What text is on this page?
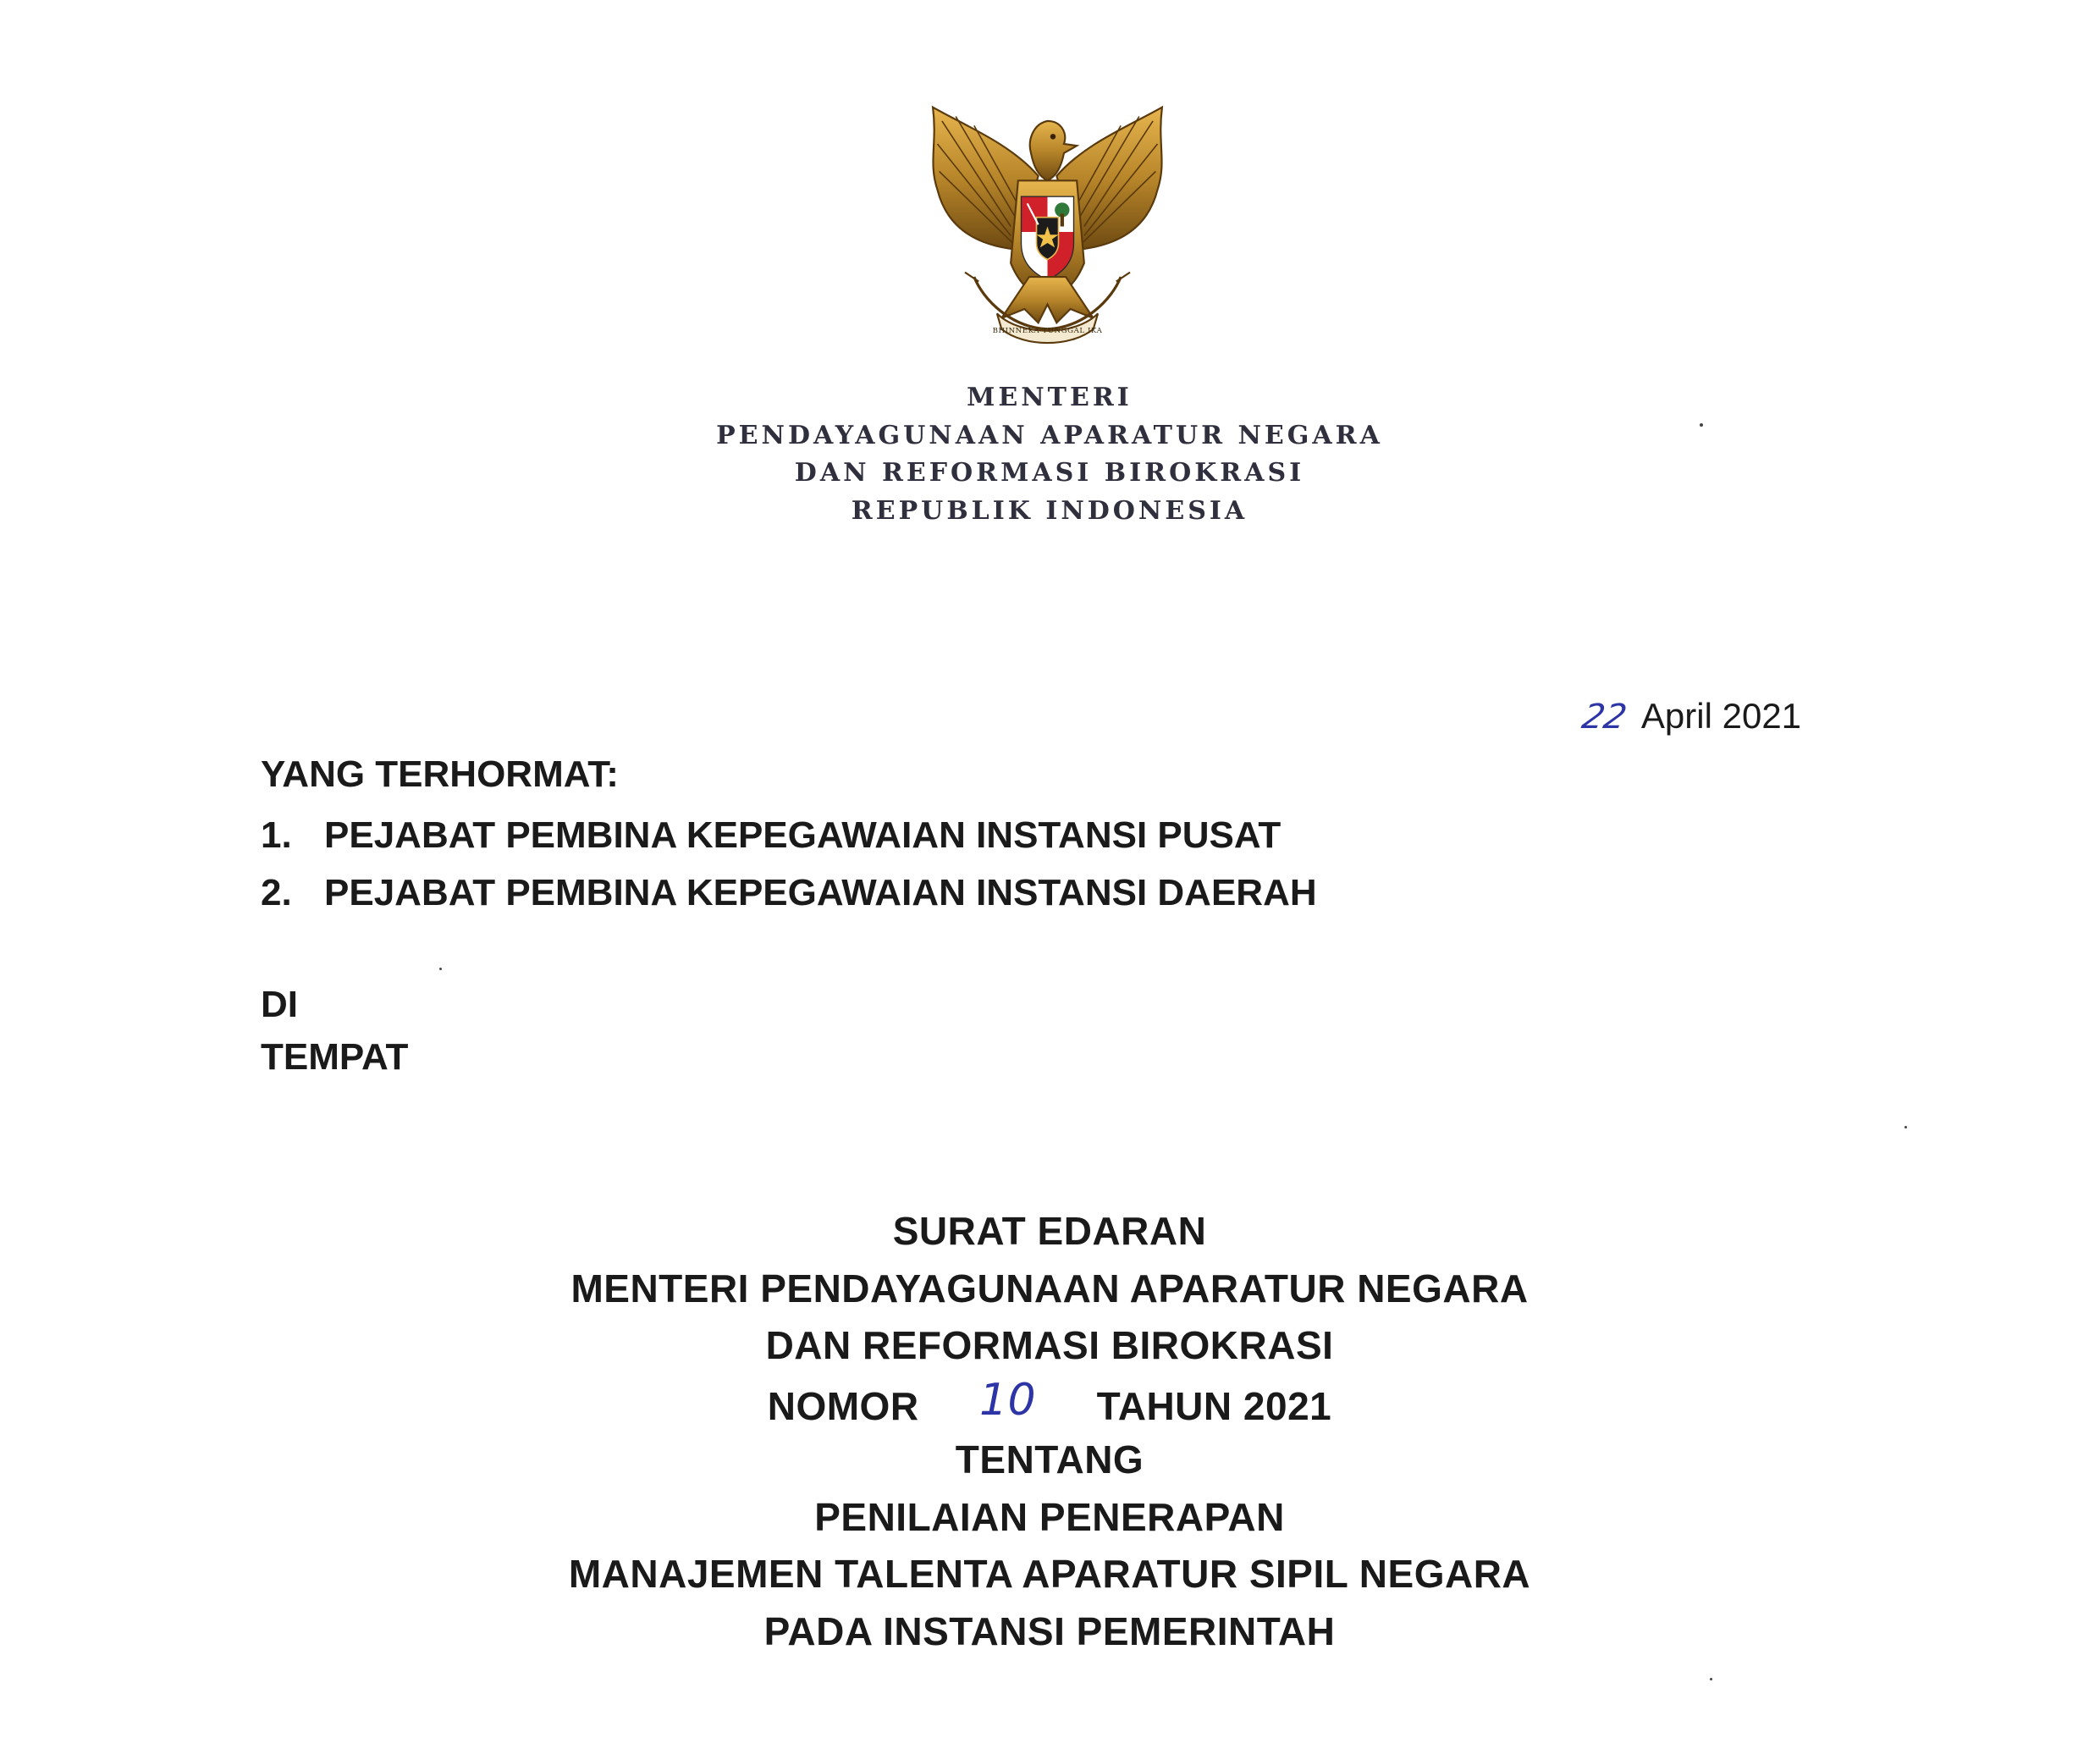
BHINNEKA TUNGGAL IKA
MENTERI
PENDAYAGUNAAN APARATUR NEGARA
DAN REFORMASI BIROKRASI
REPUBLIK INDONESIA
22 April 2021
YANG TERHORMAT:
1. PEJABAT PEMBINA KEPEGAWAIAN INSTANSI PUSAT
2. PEJABAT PEMBINA KEPEGAWAIAN INSTANSI DAERAH
DI
TEMPAT
SURAT EDARAN
MENTERI PENDAYAGUNAAN APARATUR NEGARA
DAN REFORMASI BIROKRASI
NOMOR 10 TAHUN 2021
TENTANG
PENILAIAN PENERAPAN
MANAJEMEN TALENTA APARATUR SIPIL NEGARA
PADA INSTANSI PEMERINTAH
